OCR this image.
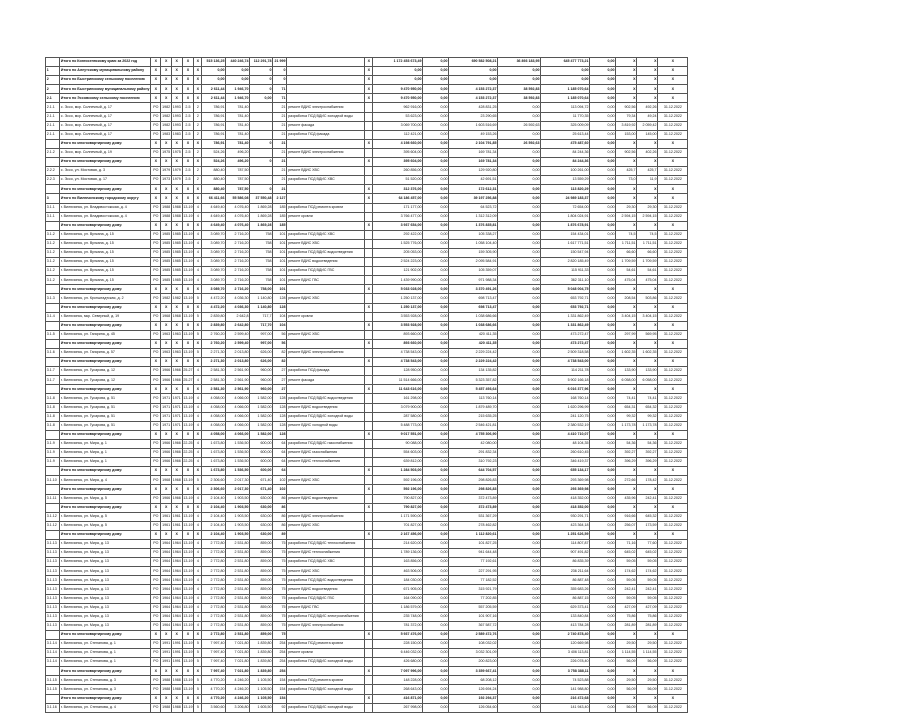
	Итого по Кингисеппскому краю за 2022 год	X	X	X	X	X	515 136,25	440 246,74	112 291,78	21 999		X	1 172 453 673,49	0,00	690 582 508,21	36 893 183,95	645 477 773,21	0,00	X	X	X
1	Итого по Алеутскому муниципальному району	X	X	X	X	X	0,00	0,00	0	0		X	0,00	0,00	0,00	0,00	0,00	0,00	X	X	X
2	Итого по Быстринскому сельскому поселению	X	X	X	X	X	0,00	0,00	0	0		X	0,00	0,00	0,00	0,00	0,00	0,00	X	X	X
2	Итого по Быстринскому муниципальному району	X	X	X	X	X	2 611,44	1 946,70	0	71		X	9 470 950,00	0,00	4 153 272,37	38 592,83	1 185 070,64	0,00	X	X	X
2.1	Итого по Эссовскому сельскому поселению	X	X	X	X	X	2 611,44	1 946,70	0,00	71		X	9 470 950,00	0,00	4 153 272,37	38 592,83	1 185 070,64	0,00	X	X	X
2.1.1	с. Эссо, мкр. Солнечный, д. 17	РО	1982	1993	2-5	2	786,91	781,40		21	ремонт ВДИС электроснабжения		962 916,00	0,00	428 831,25	0,00	113 094,72	0,00	902,56	492,26	31.12.2022
2.1.1	с. Эссо, мкр. Солнечный, д. 17	РО	1982	1993	2-5	2	786,91	781,40		21	разработка ПСД ВДИС холодной воды		53 623,00	0,00	23 290,65	0,00	11 770,35	0,00	79,34	49,24	31.12.2022
2.1.1	с. Эссо, мкр. Солнечный, д. 17	РО	1982	1993	2-5	2	786,91	781,40		21	ремонт фасада		3 069 700,00	0,00	1 603 516,69	26 592,63	325 009,09	0,00	3 819,92	2 059,42	31.12.2022
2.1.1	с. Эссо, мкр. Солнечный, д. 17	РО	1983	1983	2-5	2	786,91	781,40		21	разработка ПСД фасада		112 421,00	0,00	49 153,26	0,00	25 613,44	0,00	153,00	145,00	31.12.2022
	Итого по многоквартирному дому:	X	X	X	X	X	786,91	781,40	0	21		X	4 198 660,00	0,00	2 104 791,85	26 592,63	475 487,60	0,00	X	X	X
2.1.2	с. Эссо, мкр. Солнечный, д. 19	РО	1975	1975	2-5	2	524,26	496,20		21	ремонт ВДИС электроснабжения		395 604,00	0,00	169 781,34	0,00	84 244,36	0,00	902,56	402,26	31.12.2022
	Итого по многоквартирному дому:	X	X	X	X	X	524,26	496,20	0	21		X	395 604,00	0,00	169 781,34	0,00	84 244,36	0,00	X	X	X
2.2.2	с. Эссо, ул. Мостовая, д. 3	РО	1979	1979	2-5	2	880,40	787,50		21	ремонт ВДИС ХВС		260 856,00	0,00	129 920,80	0,00	100 261,00	0,00	425,7	425,7	31.12.2022
2.2.3	с. Эссо, ул. Мостовая, д. 17	РО	1973	1979	2-5	2	880,40	787,50		21	разработка ПСД ВДИС ХВС		51 520,00	0,00	42 691,51	0,00	13 559,29	0,00	73,0	11,9	31.12.2022
	Итого по многоквартирному дому:	X	X	X	X	X	880,40	787,50	0	21		X	312 376,00	0,00	172 612,31	0,00	113 820,29	0,00	X	X	X
3	Итого по Вилючинскому городскому округу	X	X	X	X	X	66 411,66	55 586,08	37 550,48	2 127		X	64 186 457,00	0,00	39 197 256,88	0,00	24 989 183,37	0,00	X	X	X
3.1.1	г. Вилючинск, ул. Владивостокская, д. 4	РО	1988	1988	13-19	4	4 649,40	4 076,40	1 869,28	185	разработка ПСД ремонта кровли		171 177,00	0,00	64 523,72	0,00	72 654,00	0,00	29,30	29,30	31.12.2022
3.1.1	г. Вилючинск, ул. Владивостокская, д. 4	РО	1988	1988	13-19	4	4 649,40	4 076,40	1 869,28	185	ремонт кровли		3 766 477,00	0,00	1 312 312,09	0,00	1 804 024,91	0,00	2 594,15	2 594,15	31.12.2022
	Итого по многоквартирному дому:	X	X	X	X	X	4 649,40	4 076,40	1 869,28	185		X	3 937 654,00	0,00	1 376 835,81	0,00	1 876 678,91	0,00	X	X	X
3.1.2	г. Вилючинск, ул. Вулкана, д. 15	РО	1985	1985	13-19	4	3 089,70	2 716,20	758	101	разработка ПСД ВДИС ХВС		292 422,00	0,00	105 338,27	0,00	154 434,01	0,00	74,5	74,5	31.12.2022
3.1.2	г. Вилючинск, ул. Вулкана, д. 15	РО	1985	1985	13-19	4	3 089,70	2 716,20	758	101	ремонт ВДИС ХВС		1 525 776,00	0,00	1 058 104,40	0,00	1 617 771,51	0,00	1 711,51	1 711,51	31.12.2022
3.1.2	г. Вилючинск, ул. Вулкана, д. 15	РО	1985	1985	13-19	4	3 089,70	2 716,20	758	101	разработка ПСД ВДИС водоотведения		205 053,00	0,00	159 305,90	0,00	150 547,94	0,00	66,60	66,60	31.12.2022
3.1.2	г. Вилючинск, ул. Вулкана, д. 15	РО	1985	1985	13-19	4	3 089,70	2 716,20	758	101	ремонт ВДИС водоотведения		2 524 223,00	0,00	2 095 584,91	0,00	2 820 185,49	0,00	1 709,59	1 709,59	31.12.2022
3.1.2	г. Вилючинск, ул. Вулкана, д. 15	РО	1985	1985	13-19	4	3 089,70	2 716,20	758	101	разработка ПСД ВДИС ГВС		121 902,00	0,00	105 359,07	0,00	115 911,33	0,00	54,61	54,61	31.12.2022
3.1.2	г. Вилючинск, ул. Вулкана, д. 15	РО	1985	1985	13-19	4	3 089,70	2 716,20	758	101	ремонт ВДИС ГВС		1 439 990,00	0,00	971 988,34	0,00	362 311,10	0,00	475,04	475,04	31.12.2022
	Итого по многоквартирному дому:	X	X	X	X	X	3 089,70	2 716,20	758,00	101		X	5 033 028,00	0,00	3 370 491,26	0,00	5 048 004,75	0,00	X	X	X
3.1.3	г. Вилючинск, ул. Кронштадтская, д. 2	РО	1982	1982	13-19	5	4 472,20	4 036,30	1 140,80	128	ремонт ВДИС ХВС		1 250 137,00	0,00	698 713,47	0,00	653 792,71	0,00	208,54	503,86	31.12.2022
	Итого по многоквартирному дому:	X	X	X	X	X	4 472,20	4 036,30	1 140,80	128		X	1 250 137,00	0,00	698 713,47	0,00	653 792,71	0,00	X	X	X
3.1.4	г. Вилючинск, мкр. Северный, д. 19	РО	1968	1968	13-19	5	2 839,80	2 642,8	717,7	104	ремонт кровли		3 553 928,00	0,00	1 038 686,66	0,00	1 331 862,49	0,00	3 404,15	3 404,15	31.12.2022
	Итого по многоквартирному дому:	X	X	X	X	X	2 839,80	2 642,80	717,70	104		X	3 553 928,00	0,00	1 038 686,66	0,00	1 331 862,49	0,00	X	X	X
3.1.5	г. Вилючинск, ул. Гагарина, д. 45	РО	1963	1963	13-19	5	2 760,20	2 599,40	997,00	56	ремонт ВДИС ХВС		893 660,00	0,00	420 411,35	0,00	473 272,47	0,00	297,99	569,95	31.12.2022
	Итого по многоквартирному дому:	X	X	X	X	X	2 760,20	2 599,40	997,00	56		X	893 660,00	0,00	420 411,35	0,00	473 272,47	0,00	X	X	X
3.1.6	г. Вилючинск, ул. Гагарина, д. 57	РО	1963	1963	13-19	5	2 271,30	2 013,80	626,00	82	ремонт ВДИС электроснабжения		4 738 543,00	0,00	2 229 224,42	0,00	2 509 318,58	0,00	1 602,35	1 602,35	31.12.2022
	Итого по многоквартирному дому:	X	X	X	X	X	2 271,30	2 013,80	626,00	82		X	4 738 543,00	0,00	2 229 224,42	0,00	4 738 543,00	0,00	X	X	X
3.1.7	г. Вилючинск, ул. Гусарова, д. 12	РО	1966	1966	25-27	4	2 581,30	2 561,90	960,00	27	разработка ПСД фасада		128 950,00	0,00	134 135,82	0,00	114 211,78	0,00	133,90	133,90	31.12.2022
3.1.7	г. Вилючинск, ул. Гусарова, д. 12	РО	1966	1966	25-27	4	2 581,30	2 561,90	960,00	27	ремонт фасада		11 514 666,00	0,00	5 323 357,82	0,00	5 902 166,18	0,00	6 058,00	6 058,00	31.12.2022
	Итого по многоквартирному дому:	X	X	X	X	X	2 581,30	2 561,90	960,00	27		X	11 643 616,00	0,00	5 457 493,64	0,00	6 016 377,96	0,00	X	X	X
3.1.8	г. Вилючинск, ул. Гусарова, д. 51	РО	1971	1971	13-19	4	4 058,00	4 066,00	1 582,00	128	разработка ПСД ВДИС водоотведения		161 298,00	0,00	113 760,14	0,00	168 760,14	0,00	74,41	74,41	31.12.2022
3.1.8	г. Вилючинск, ул. Гусарова, д. 51	РО	1971	1971	13-19	4	4 058,00	4 066,00	1 582,00	128	ремонт ВДИС водоотведения		3 079 900,00	0,00	1 879 489,70	0,00	1 620 296,99	0,00	654,31	654,32	31.12.2022
3.1.8	г. Вилючинск, ул. Гусарова, д. 51	РО	1971	1971	13-19	4	4 058,00	4 066,00	1 582,00	128	разработка ПСД ВДИС холодной воды		287 580,00	0,00	215 635,25	0,00	241 120,75	0,00	99,32	99,32	31.12.2022
3.1.8	г. Вилючинск, ул. Гусарова, д. 51	РО	1971	1971	13-19	4	4 058,00	4 066,00	1 582,00	128	ремонт ВДИС холодной воды		5 488 773,00	0,00	2 546 421,81	0,00	2 380 532,19	0,00	1 173,78	1 173,78	31.12.2022
	Итого по многоквартирному дому:	X	X	X	X	X	4 058,00	4 066,00	1 582,00	128		X	9 017 551,00	0,00	4 755 306,90	0,00	4 410 710,07	0,00	X	X	X
3.1.9	г. Вилючинск, ул. Мира, д. 1	РО	1966	1966	22-25	4	1 673,80	1 536,50	600,00	64	разработка ПСД ВДИС газоснабжения		90 088,00	0,00	42 080,00	0,00	48 104,35	0,00	54,36	54,36	31.12.2022
3.1.9	г. Вилючинск, ул. Мира, д. 1	РО	1966	1966	22-25	4	1 673,80	1 536,50	600,00	64	ремонт ВДИС газоснабжения		554 603,00	0,00	291 832,34	0,00	260 610,45	0,00	392,27	392,27	31.12.2022
3.1.9	г. Вилючинск, ул. Мира, д. 1	РО	1966	1966	22-25	4	1 673,80	1 536,50	600,00	64	ремонт ВДИС теплоснабжения		639 812,00	0,00	310 792,23	0,00	346 419,37	0,00	396,29	396,29	31.12.2022
	Итого по многоквартирному дому:	X	X	X	X	X	1 673,80	1 536,50	600,00	64		X	1 284 503,00	0,00	644 704,57	0,00	655 134,17	0,00	X	X	X
3.1.10	г. Вилючинск, ул. Мира, д. 4	РО	1968	1968	13-19	5	2 306,60	2 017,30	671,40	102	ремонт ВДИС ХВС		592 196,00	0,00	298 826,83	0,00	293 369,98	0,00	272,66	178,42	31.12.2022
	Итого по многоквартирному дому:	X	X	X	X	X	2 306,60	2 017,30	671,40	102		X	592 196,00	0,00	298 826,83	0,00	293 369,98	0,00	X	X	X
3.1.11	г. Вилючинск, ул. Мира, д. 5	РО	1966	1966	13-19	4	2 104,40	1 903,50	630,00	86	ремонт ВДИС водоотведения		790 827,00	0,00	372 473,89	0,00	418 352,00	0,00	435,96	242,41	31.12.2022
	Итого по многоквартирному дому:	X	X	X	X	X	2 104,40	1 903,50	630,00	86		X	790 827,00	0,00	372 473,89	0,00	418 352,00	0,00	X	X	X
3.1.12	г. Вилючинск, ул. Мира, д. 5	РО	1961	1961	13-19	4	2 104,40	1 903,50	630,00	86	ремонт ВДИС электроснабжения		1 171 590,00	0,00	531 367,29	0,00	930 291,71	0,00	916,66	645,32	31.12.2022
3.1.12	г. Вилючинск, ул. Мира, д. 5	РО	1961	1961	13-19	4	2 104,40	1 903,50	630,00	86	ремонт ВДИС ХВС		701 827,00	0,00	278 462,82	0,00	423 364,18	0,00	256,07	173,59	31.12.2022
	Итого по многоквартирному дому:	X	X	X	X	X	2 104,40	1 903,50	630,00	89		X	2 167 456,00	0,00	1 112 820,61	0,00	1 251 626,59	0,00	X	X	X
3.1.13	г. Вилючинск, ул. Мира, д. 13	РО	1964	1964	13-19	4	2 772,80	2 531,80	859,00	75	разработка ПСД ВДИС теплоснабжения		214 620,00	0,00	101 827,25	0,00	114 807,87	0,00	71,16	77,60	31.12.2022
3.1.13	г. Вилючинск, ул. Мира, д. 13	РО	1964	1964	13-19	4	2 772,80	2 531,80	859,00	75	ремонт ВДИС теплоснабжения		1 789 136,00	0,00	941 644,48	0,00	907 491,82	0,00	645,02	645,02	31.12.2022
3.1.13	г. Вилючинск, ул. Мира, д. 13	РО	1964	1964	13-19	4	2 772,80	2 531,80	859,00	75	разработка ПСД ВДИС ХВС		163 856,00	0,00	77 192,61	0,00	86 835,39	0,00	59,05	59,05	31.12.2022
3.1.13	г. Вилючинск, ул. Мира, д. 13	РО	1964	1964	13-19	4	2 772,80	2 531,80	859,00	75	ремонт ВДИС ХВС		463 506,00	0,00	227 291,95	0,00	236 211,64	0,00	174,62	174,62	31.12.2022
3.1.13	г. Вилючинск, ул. Мира, д. 13	РО	1964	1964	13-19	4	2 772,80	2 531,80	859,00	75	разработка ПСД ВДИС водоотведения		184 030,00	0,00	77 182,52	0,00	86 887,48	0,00	59,05	59,05	31.12.2022
3.1.13	г. Вилючинск, ул. Мира, д. 13	РО	1964	1964	13-19	4	2 772,80	2 531,80	859,00	75	ремонт ВДИС водоотведения		671 905,00	0,00	315 921,79	0,00	355 683,26	0,00	242,41	242,41	31.12.2022
3.1.13	г. Вилючинск, ул. Мира, д. 13	РО	1964	1964	13-19	4	2 772,80	2 531,80	859,00	75	разработка ПСД ВДИС ГВС		164 090,00	0,00	77 202,85	0,00	86 887,15	0,00	59,05	59,05	31.12.2022
3.1.13	г. Вилючинск, ул. Мира, д. 13	РО	1964	1964	13-19	4	2 772,80	2 531,80	859,00	75	ремонт ВДИС ГВС		1 186 579,00	0,00	557 205,59	0,00	629 373,41	0,00	427,09	427,09	31.12.2022
3.1.13	г. Вилючинск, ул. Мира, д. 13	РО	1964	1964	13-19	4	2 772,80	2 531,80	859,00	75	разработка ПСД ВДИС электроснабжения		235 748,00	0,00	101 907,16	0,00	133 840,84	0,00	75,86	75,86	31.12.2022
3.1.13	г. Вилючинск, ул. Мира, д. 13	РО	1964	1964	13-19	4	2 772,80	2 531,80	859,00	75	ремонт ВДИС электроснабжения		781 372,00	0,00	367 587,72	0,00	413 784,28	0,00	281,89	281,89	31.12.2022
	Итого по многоквартирному дому:	X	X	X	X	X	2 772,80	2 531,80	859,00	75		X	5 937 476,00	0,00	2 589 472,76	0,00	2 740 878,40	0,00	X	X	X
3.1.14	г. Вилючинск, ул. Степанова, д. 1	РО	1991	1991	13-19	5	7 997,40	7 021,80	1 839,80	254	разработка ПСД ремонта кровли		228 150,00	0,00	108 032,02	0,00	120 669,98	0,00	29,50	29,50	31.12.2022
3.1.14	г. Вилючинск, ул. Степанова, д. 1	РО	1991	1991	13-19	5	7 997,40	7 021,80	1 839,80	254	ремонт кровли		6 446 032,00	0,00	3 032 301,09	0,00	3 406 113,81	0,00	1 114,55	1 114,55	31.12.2022
3.1.14	г. Вилючинск, ул. Степанова, д. 1	РО	1991	1991	13-19	5	7 997,40	7 021,80	1 839,80	254	разработка ПСД ВДИС холодной воды		426 680,00	0,00	200 823,00	0,00	226 078,40	0,00	56,09	56,09	31.12.2022
	Итого по многоквартирному дому:	X	X	X	X	X	7 997,40	7 021,80	1 839,80	254		X	7 097 996,00	0,00	3 359 667,41	0,00	3 758 388,11	0,00	X	X	X
3.1.15	г. Вилючинск, ул. Степанова, д. 3	РО	1988	1988	13-19	5	4 770,20	4 246,20	1 105,50	154	разработка ПСД ремонта кровли		148 228,00	0,00	68 208,12	0,00	74 523,88	0,00	29,50	29,50	31.12.2022
3.1.15	г. Вилючинск, ул. Степанова, д. 3	РО	1988	1988	13-19	5	4 770,20	4 246,20	1 105,50	154	разработка ПСД ВДИС холодной воды		268 643,00	0,00	126 694,24	0,00	141 988,80	0,00	56,09	56,09	31.12.2022
	Итого по многоквартирному дому:	X	X	X	X	X	4 770,20	4 246,20	1 105,50	154		X	416 871,00	0,00	192 294,37	0,00	216 472,68	0,00	X	X	X
3.1.16	г. Вилючинск, ул. Степанова, д. 4	РО	1988	1988	13-19	5	3 560,60	3 206,80	1 605,50	92	разработка ПСД ВДИС холодной воды		267 998,00	0,00	126 054,60	0,00	141 943,40	0,00	56,09	56,09	31.12.2022
